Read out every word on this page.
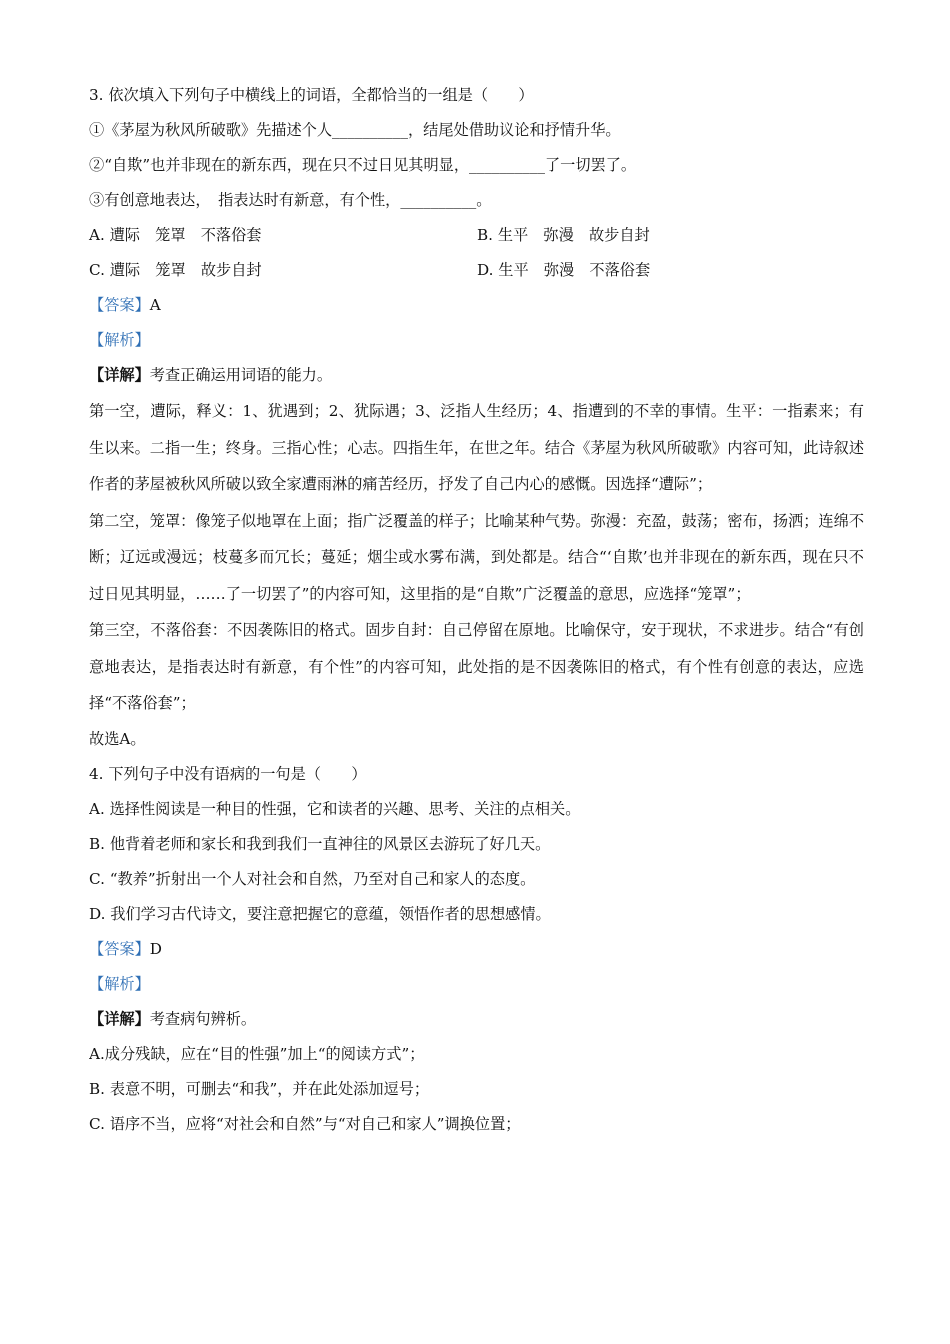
3. 依次填入下列句子中横线上的词语，全都恰当的一组是（　　）
①《茅屋为秋风所破歌》先描述个人__________，结尾处借助议论和抒情升华。
②“自欺”也并非现在的新东西，现在只不过日见其明显，__________了一切罢了。
③有创意地表达，　指表达时有新意，有个性，__________。
A. 遭际　笼罩　不落俗套	B. 生平　弥漫　故步自封
C. 遭际　笼罩　故步自封	D. 生平　弥漫　不落俗套
【答案】A
【解析】
【详解】考查正确运用词语的能力。
第一空，遭际，释义：1、犹遇到；2、犹际遇；3、泛指人生经历；4、指遭到的不幸的事情。生平：一指素来；有生以来。二指一生；终身。三指心性；心志。四指生年，在世之年。结合《茅屋为秋风所破歌》内容可知，此诗叙述作者的茅屋被秋风所破以致全家遭雨淋的痛苦经历，抒发了自己内心的感慨。因选择“遭际”；
第二空，笼罩：像笼子似地罩在上面；指广泛覆盖的样子；比喻某种气势。弥漫：充盈，鼓荡；密布，扬洒；连绵不断；辽远或漫远；枝蔓多而冗长；蔓延；烟尘或水雾布满，到处都是。结合“‘自欺’也并非现在的新东西，现在只不过日见其明显，……了一切罢了”的内容可知，这里指的是“自欺”广泛覆盖的意思，应选择“笼罩”；
第三空，不落俗套：不因袭陈旧的格式。固步自封：自己停留在原地。比喻保守，安于现状，不求进步。结合“有创意地表达，是指表达时有新意，有个性”的内容可知，此处指的是不因袭陈旧的格式，有个性有创意的表达，应选择“不落俗套”；
故选A。
4. 下列句子中没有语病的一句是（　　）
A. 选择性阅读是一种目的性强，它和读者的兴趣、思考、关注的点相关。
B. 他背着老师和家长和我到我们一直神往的风景区去游玩了好几天。
C. “教养”折射出一个人对社会和自然，乃至对自己和家人的态度。
D. 我们学习古代诗文，要注意把握它的意蕴，领悟作者的思想感情。
【答案】D
【解析】
【详解】考查病句辨析。
A.成分残缺，应在“目的性强”加上“的阅读方式”；
B. 表意不明，可删去“和我”，并在此处添加逗号；
C. 语序不当，应将“对社会和自然”与“对自己和家人”调换位置；
